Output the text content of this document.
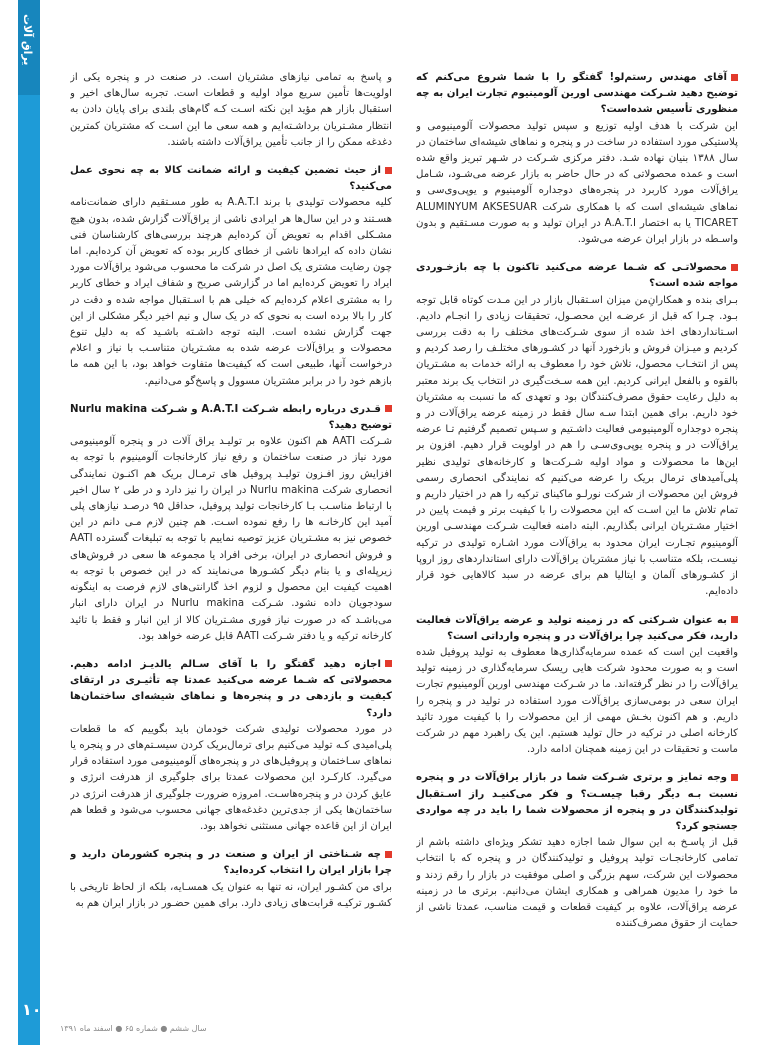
یراق آلات
۱۰۳
سال ششم ● شماره ۶۵ ● اسفند ماه ۱۳۹۱

آقای مهندس رستم‌لو! گفتگو را با شما شروع می‌کنم که توضیح دهید شـرکت مهندسی اورین آلومینیوم تجارت ایران به چه منظوری تأسیس شده‌است؟

این شرکت با هدف اولیه توزیع و سپس تولید محصولات آلومینیومی و پلاستیکی مورد استفاده در ساخت در و پنجره و نماهای شیشه‌ای ساختمان در سال ۱۳۸۸ بنیان نهاده شـد. دفتر مرکزی شـرکت در شـهر تبریز واقع شده است و عمده محصولاتی که در حال حاضر به بازار عرضه می‌شـود، شـامل یراق‌آلات مورد کاربرد در پنجره‌های دوجداره آلومینیوم و یوپی‌وی‌سی و نماهای شیشه‌ای است که با همکاری شرکت ALUMINYUM AKSESUAR TICARET یا به اختصار A.A.T.I در ایران تولید و به صورت مسـتقیم و بدون واسـطه در بازار ایران عرضه می‌شود.

محصولاتـی که شـما عرضه می‌کنید تاکنون با چه بازخـوردی مواجه شده است؟

بـرای بنده و همکارانِ‌من میزان اسـتقبال بازار در این مـدت کوتاه قابل توجه بـود. چـرا که قبل از عرضـه این محصـول، تحقیقات زیادی را انجـام دادیم. اسـتانداردهای اخذ شده از سوی شـرکت‌های مختلف را به دقت بررسی کردیم و میـزان فروش و بازخورد آنها در کشـورهای مختلـف را رصد کردیم و پس از انتخـاب محصول، تلاش خود را معطوف به ارائه خدمات به مشـتریان بالقوه و بالفعل ایرانی کردیم. این همه سـخت‌گیری در انتخاب یک برند معتبر به دلیل رعایت حقوق مصرف‌کنندگان بود و تعهدی که ما نسبت به مشتریان خود داریم. برای همین ابتدا سـه سال فقط در زمینه عرضه یراق‌آلات در و پنجره دوجداره آلومینیومی فعالیت داشـتیم و سـپس تصمیم گرفتیم تـا عرضه یراق‌آلات در و پنجره یوپی‌وی‌سـی را هم در اولویت قرار دهیم. افزون بر این‌ها ما محصولات و مواد اولیه شـرکت‌ها و کارخانه‌های تولیدی نظیر پلی‌آمیدهای ترمال بریک را عرضه می‌کنیم که نمایندگی انحصاری رسمی فروش این محصولات از شرکت نورلـو ماکینای ترکیه را هم در اختیار داریم و تمام تلاش ما این اسـت که این محصولات را با کیفیت برتر و قیمت پایین در اختیار مشـتریان ایرانی بگذاریم. البته دامنه فعالیت شـرکت مهندسـی اورین آلومینیوم تجـارت ایران محدود به یراق‌آلات مورد اشـاره تولیدی در ترکیه نیسـت، بلکه متناسب با نیاز مشتریان یراق‌آلات دارای استانداردهای روز اروپا از کشـورهای آلمان و ایتالیا هم برای عرضه در سبد کالاهایی خود قرار داده‌ایم.

به عنوان شـرکتی که در زمینه تولید و عرضه یراق‌آلات فعالیت دارید، فکر می‌کنید چرا یراق‌آلات در و پنجره وارداتی است؟

واقعیت این است که عمده سرمایه‌گذاری‌ها معطوف به تولید پروفیل شده است و به صورت محدود شرکت هایی ریسک سرمایه‌گذاری در زمینه تولید یراق‌آلات را در نظر گرفته‌اند. ما در شـرکت مهندسی اورین آلومینیوم تجارت ایران سعی در بومی‌سازی یراق‌آلات مورد استفاده در تولید در و پنجره را داریم. و هم اکنون بخـش مهمی از این محصولات را با کیفیت مورد تائید کارخانه اصلی در ترکیه در حال تولید هستیم. این یک راهبرد مهم در شرکت ماست و تحقیقات در این زمینه همچنان ادامه دارد.

وجه تمایز و برتری شـرکت شما در بازار یراق‌آلات در و پنجره نسبت بـه دیگر رقبا چیسـت؟ و فکر می‌کنیـد راز اسـتقبال تولیدکنندگان در و پنجره از محصولات شما را باید در چه مواردی جستجو کرد؟

قبل از پاسـخ به این سوال شما اجازه دهید تشکر ویژه‌ای داشته باشم از تمامی کارخانجـات تولید پروفیل و تولیدکنندگان در و پنجره که با انتخاب محصولات این شرکت، سهم بزرگی و اصلی موفقیت در بازار را رقم زدند و ما خود را مدیون همراهی و همکاری ایشان می‌دانیم. برتری ما در زمینه عرضه یراق‌آلات، علاوه بر کیفیت قطعات و قیمت مناسب، عمدتا ناشی از حمایت از حقوق مصرف‌کننده

و پاسخ به تمامی نیازهای مشتریان است. در صنعت در و پنجره یکی از اولویت‌ها تأمین سریع مواد اولیه و قطعات است. تجربه سال‌های اخیر و استقبال بازار هم مؤید این نکته اسـت کـه گام‌های بلندی برای پایان دادن به انتظار مشـتریان برداشـته‌ایم و همه سعی ما این اسـت که مشتریان کمترین دغدغه ممکن را از جانب تأمین یراق‌آلات داشته باشند.

از حیث تضمین کیفیت و ارائه ضمانت کالا به چه نحوی عمل می‌کنید؟

کلیه محصولات تولیدی با برند A.A.T.I به طور مسـتقیم دارای ضمانت‌نامه هسـتند و در این سال‌ها هر ایرادی ناشی از یراق‌آلات گزارش شده، بدون هیچ مشـکلی اقدام به تعویض آن کرده‌ایم هرچند بررسی‌های کارشناسان فنی نشان داده که ایرادها ناشی از خطای کاربر بوده که تعویض آن کرده‌ایم. اما چون رضایت مشتری یک اصل در شرکت ما محسوب می‌شود یراق‌آلات مورد ایراد را تعویض کرده‌ایم اما در گزارشی صریح و شفاف ایراد و خطای کاربر را به مشتری اعلام کرده‌ایم که خیلی هم با اسـتقبال مواجه شده و دقت در کار را بالا برده است به نحوی که در یک سال و نیم اخیر دیگر مشکلی از این جهت گزارش نشده است. البته توجه داشـته باشـید که به دلیل تنوع محصولات و یراق‌آلات عرضه شده به مشـتریان متناسـب با نیاز و اعلام درخواست آنها، طبیعی است که کیفیت‌ها متفاوت خواهد بود، با این همه ما بازهم خود را در برابر مشتریان مسوول و پاسخ‌گو می‌دانیم.

قـدری درباره رابطه شـرکت A.A.T.I و شـرکت Nurlu makina توضیح دهید؟

شـرکت AATI هم اکنون علاوه بر تولیـد یراق آلات در و پنجره آلومینیومی مورد نیاز در صنعت ساختمان و رفع نیاز کارخانجات آلومینیوم با توجه به افزایش روز افـزون تولیـد پروفیل های ترمـال بریک هم اکنـون نمایندگی انحصاری شرکت Nurlu makina در ایران را نیز دارد و در طی ۲ سال اخیر با ارتباط مناسـب بـا کارخانجات تولید پروفیل، حداقل ۹۵ درصـد نیازهای پلی آمید این کارخانـه ها را رفع نموده اسـت. هم چنین لازم مـی دانم در این خصوص نیز به مشـتریان عزیز توصیه نماییم با توجه به تبلیغات گسترده AATI و فروش انحصاری در ایران، برخی افراد یا مجموعه ها سعی در فروش‌های زیرپله‌ای و یا بنام دیگر کشـورها می‌نمایند که در این خصوص با توجه به اهمیت کیفیت این محصول و لزوم اخذ گارانتی‌های لازم فرصت به اینگونه سودجویان داده نشود. شـرکت Nurlu makina در ایران دارای انبار می‌باشـد که در صورت نیاز فوری مشـتریان کالا از این انبار و فقط با تائید کارخانه ترکیه و یا دفتر شـرکت AATI قابل عرضه خواهد بود.

اجازه دهید گفتگو را با آقای سـالم یالدیـز ادامه دهیم. محصولاتی که شـما عرضه می‌کنید عمدتا چه تأثیـری در ارتقای کیفیت و بازدهی در و پنجره‌ها و نماهای شیشه‌ای ساختمان‌ها دارد؟

در مورد محصولات تولیدی شرکت خودمان باید بگوییم که ما قطعات پلی‌امیدی کـه تولید می‌کنیم برای ترمال‌بریک کردن سیسـتم‌های در و پنجره یا نماهای سـاختمان و پروفیل‌های در و پنجره‌های آلومینیومی مورد استفاده قرار می‌گیرد. کارکـرد این محصولات عمدتا برای جلوگیری از هدرفت انرژی و عایق کردن در و پنجره‌هاسـت. امروزه ضرورت جلوگیری از هدرفت انرژی در ساختمان‌ها یکی از جدی‌ترین دغدغه‌های جهانی محسوب می‌شود و قطعا هم ایران از این قاعده جهانی مستثنی نخواهد بود.

چه شـناختی از ایران و صنعت در و پنجره کشورمان دارید و چرا بازار ایران را انتخاب کرده‌اید؟

برای من کشـور ایران، نه تنها به عنوان یک همسـایه، بلکه از لحاظ تاریخی با کشـور ترکیـه قرابت‌های زیادی دارد. برای همین حضـور در بازار ایران هم به
